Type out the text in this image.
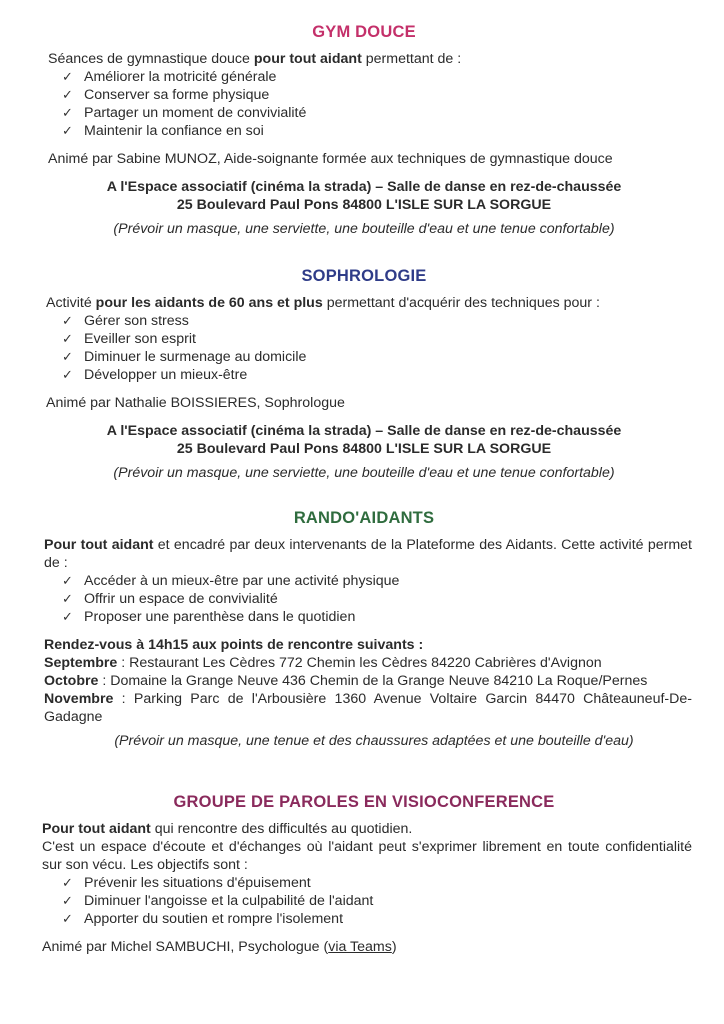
GYM DOUCE

Séances de gymnastique douce pour tout aidant permettant de :

✓ Améliorer la motricité générale
✓ Conserver sa forme physique
✓ Partager un moment de convivialité
✓ Maintenir la confiance en soi

Animé par Sabine MUNOZ, Aide-soignante formée aux techniques de gymnastique douce

A l'Espace associatif (cinéma la strada) – Salle de danse en rez-de-chaussée

25 Boulevard Paul Pons 84800 L'ISLE SUR LA SORGUE

(Prévoir un masque, une serviette, une bouteille d'eau et une tenue confortable)

SOPHROLOGIE

Activité pour les aidants de 60 ans et plus permettant d'acquérir des techniques pour :

✓ Gérer son stress
✓ Eveiller son esprit
✓ Diminuer le surmenage au domicile
✓ Développer un mieux-être

Animé par Nathalie BOISSIERES, Sophrologue

A l'Espace associatif (cinéma la strada) – Salle de danse en rez-de-chaussée

25 Boulevard Paul Pons 84800 L'ISLE SUR LA SORGUE

(Prévoir un masque, une serviette, une bouteille d'eau et une tenue confortable)

RANDO'AIDANTS

Pour tout aidant et encadré par deux intervenants de la Plateforme des Aidants. Cette activité permet de :

✓ Accéder à un mieux-être par une activité physique
✓ Offrir un espace de convivialité
✓ Proposer une parenthèse dans le quotidien

Rendez-vous à 14h15 aux points de rencontre suivants :

Septembre : Restaurant Les Cèdres 772 Chemin les Cèdres 84220 Cabrières d'Avignon

Octobre : Domaine la Grange Neuve 436 Chemin de la Grange Neuve 84210 La Roque/Pernes

Novembre : Parking Parc de l'Arbousière 1360 Avenue Voltaire Garcin 84470 Châteauneuf-De-Gadagne

(Prévoir un masque, une tenue et des chaussures adaptées et une bouteille d'eau)

GROUPE DE PAROLES EN VISIOCONFERENCE

Pour tout aidant qui rencontre des difficultés au quotidien.

C'est un espace d'écoute et d'échanges où l'aidant peut s'exprimer librement en toute confidentialité sur son vécu. Les objectifs sont :

✓ Prévenir les situations d'épuisement
✓ Diminuer l'angoisse et la culpabilité de l'aidant
✓ Apporter du soutien et rompre l'isolement

Animé par Michel SAMBUCHI, Psychologue (via Teams)
